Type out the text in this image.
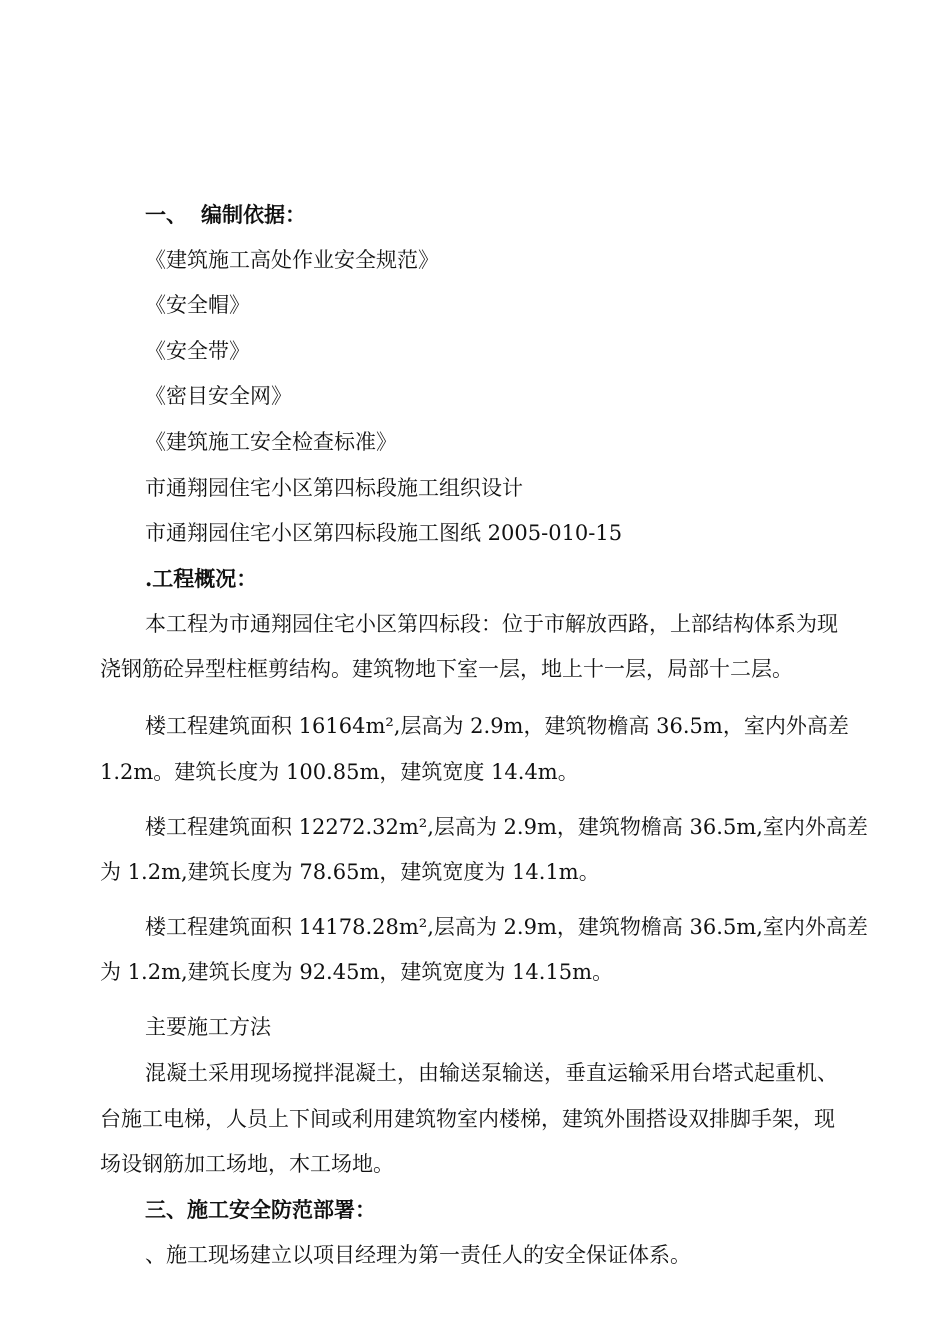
一、 编制依据：
《建筑施工高处作业安全规范》
《安全帽》
《安全带》
《密目安全网》
《建筑施工安全检查标准》
市通翔园住宅小区第四标段施工组织设计
市通翔园住宅小区第四标段施工图纸 2005-010-15
.工程概况：
本工程为市通翔园住宅小区第四标段：位于市解放西路，上部结构体系为现
浇钢筋砼异型柱框剪结构。建筑物地下室一层，地上十一层，局部十二层。
楼工程建筑面积 16164m²,层高为 2.9m，建筑物檐高 36.5m，室内外高差
1.2m。建筑长度为 100.85m，建筑宽度 14.4m。
楼工程建筑面积 12272.32m²,层高为 2.9m，建筑物檐高 36.5m,室内外高差
为 1.2m,建筑长度为 78.65m，建筑宽度为 14.1m。
楼工程建筑面积 14178.28m²,层高为 2.9m，建筑物檐高 36.5m,室内外高差
为 1.2m,建筑长度为 92.45m，建筑宽度为 14.15m。
主要施工方法
混凝土采用现场搅拌混凝土，由输送泵输送，垂直运输采用台塔式起重机、
台施工电梯，人员上下间或利用建筑物室内楼梯，建筑外围搭设双排脚手架，现
场设钢筋加工场地，木工场地。
三、施工安全防范部署：
、施工现场建立以项目经理为第一责任人的安全保证体系。
